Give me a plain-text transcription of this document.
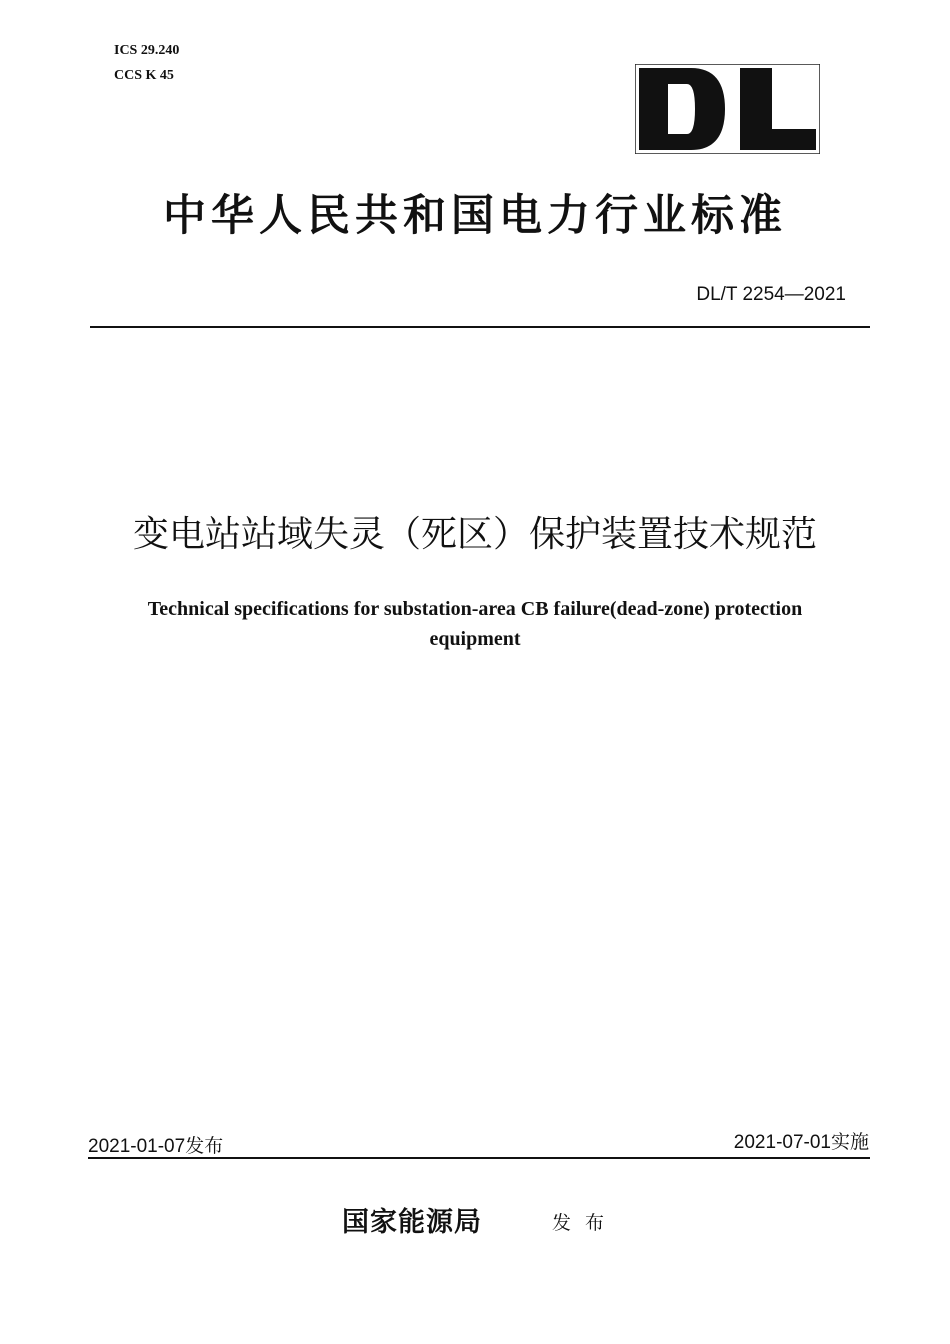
ICS 29.240
CCS K 45
中华人民共和国电力行业标准
DL/T 2254—2021
变电站站域失灵（死区）保护装置技术规范
Technical specifications for substation-area CB failure(dead-zone) protection
equipment
2021-01-07发布	2021-07-01实施
国家能源局	发布
